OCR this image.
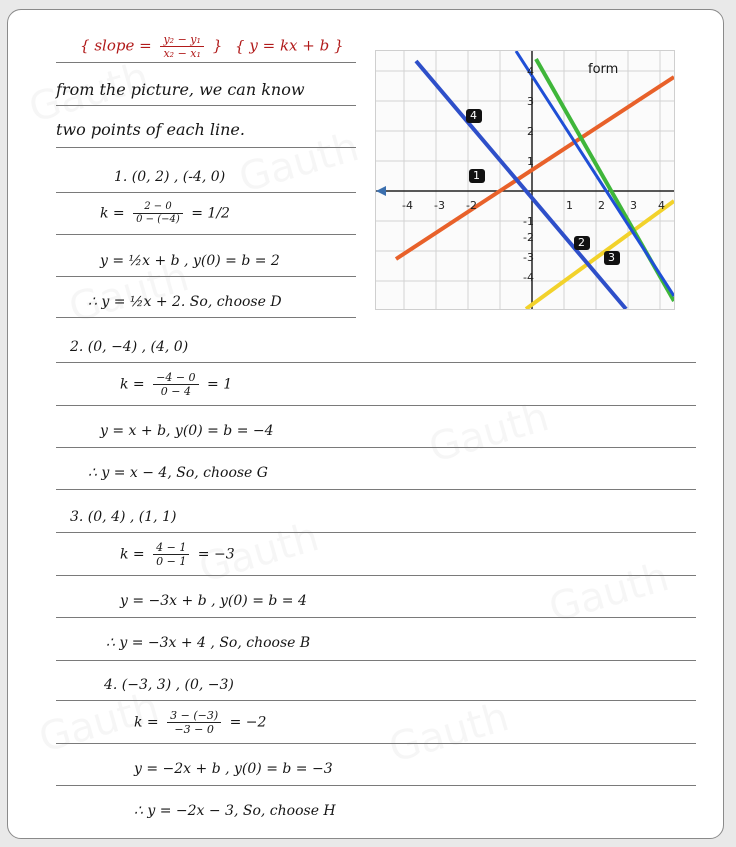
{ slope = $\frac{\text{y₂ − y₁}}{\text{x₂ − x₁}}$ } { y = kx + b }
from the picture, we can know
two points of each line.
form
-4 -3 -2	1 2 3 4
4
3
2
1
-1
-2
-3
-4
4
1
2
3
1. (0, 2) , (-4, 0)
$k = \frac{2 - 0}{0 - (-4)} = 1/2$
y = ½x + b , y(0) = b = 2
∴ y = ½x + 2. So, choose D
2. (0, −4) , (4, 0)
$k = \frac{-4 - 0}{0 - 4} = 1$
y = x + b, y(0) = b = −4
∴ y = x − 4, So, choose G
3. (0, 4) , (1, 1)
$k = \frac{4 - 1}{0 - 1} = -3$
y = −3x + b , y(0) = b = 4
∴ y = −3x + 4 , So, choose B
4. (−3, 3) , (0, −3)
$k = \frac{3 - (-3)}{-3 - 0} = -2$
y = −2x + b , y(0) = b = −3
∴ y = −2x − 3, So, choose H
